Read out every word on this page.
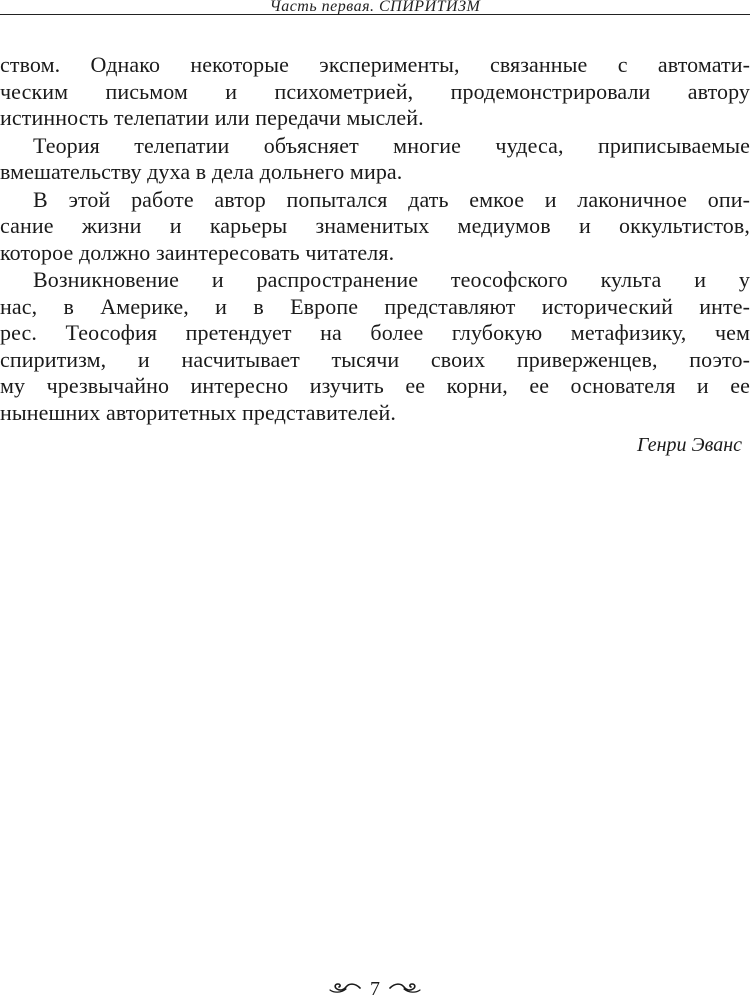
Часть первая. СПИРИТИЗМ
ством. Однако некоторые эксперименты, связанные с автомати-
ческим письмом и психометрией, продемонстрировали автору
истинность телепатии или передачи мыслей.
Теория телепатии объясняет многие чудеса, приписываемые
вмешательству духа в дела дольнего мира.
В этой работе автор попытался дать емкое и лаконичное опи-
сание жизни и карьеры знаменитых медиумов и оккультистов,
которое должно заинтересовать читателя.
Возникновение и распространение теософского культа и у
нас, в Америке, и в Европе представляют исторический инте-
рес. Теософия претендует на более глубокую метафизику, чем
спиритизм, и насчитывает тысячи своих приверженцев, поэто-
му чрезвычайно интересно изучить ее корни, ее основателя и ее
нынешних авторитетных представителей.
Генри Эванс
7
